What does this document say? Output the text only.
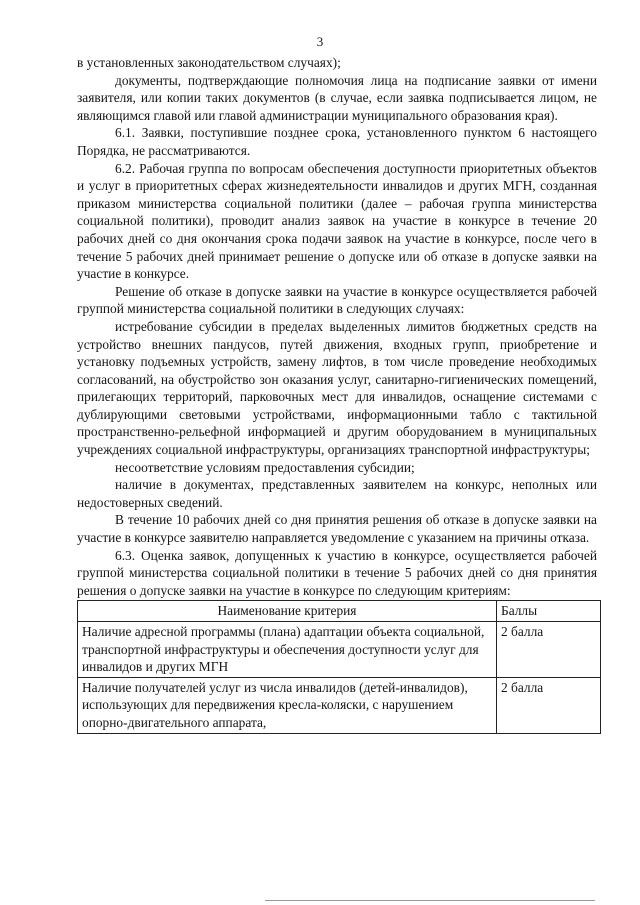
3

в установленных законодательством случаях);

документы, подтверждающие полномочия лица на подписание заявки от имени заявителя, или копии таких документов (в случае, если заявка подписывается лицом, не являющимся главой или главой администрации муниципального образования края).

6.1. Заявки, поступившие позднее срока, установленного пунктом 6 настоящего Порядка, не рассматриваются.

6.2. Рабочая группа по вопросам обеспечения доступности приоритетных объектов и услуг в приоритетных сферах жизнедеятельности инвалидов и других МГН, созданная приказом министерства социальной политики (далее – рабочая группа министерства социальной политики), проводит анализ заявок на участие в конкурсе в течение 20 рабочих дней со дня окончания срока подачи заявок на участие в конкурсе, после чего в течение 5 рабочих дней принимает решение о допуске или об отказе в допуске заявки на участие в конкурсе.

Решение об отказе в допуске заявки на участие в конкурсе осуществляется рабочей группой министерства социальной политики в следующих случаях:

истребование субсидии в пределах выделенных лимитов бюджетных средств на устройство внешних пандусов, путей движения, входных групп, приобретение и установку подъемных устройств, замену лифтов, в том числе проведение необходимых согласований, на обустройство зон оказания услуг, санитарно-гигиенических помещений, прилегающих территорий, парковочных мест для инвалидов, оснащение системами с дублирующими световыми устройствами, информационными табло с тактильной пространственно-рельефной информацией и другим оборудованием в муниципальных учреждениях социальной инфраструктуры, организациях транспортной инфраструктуры;

несоответствие условиям предоставления субсидии;

наличие в документах, представленных заявителем на конкурс, неполных или недостоверных сведений.

В течение 10 рабочих дней со дня принятия решения об отказе в допуске заявки на участие в конкурсе заявителю направляется уведомление с указанием на причины отказа.

6.3. Оценка заявок, допущенных к участию в конкурсе, осуществляется рабочей группой министерства социальной политики в течение 5 рабочих дней со дня принятия решения о допуске заявки на участие в конкурсе по следующим критериям:

Наименование критерия	Баллы
Наличие адресной программы (плана) адаптации объекта социальной, транспортной инфраструктуры и обеспечения доступности услуг для инвалидов и других МГН	2 балла
Наличие получателей услуг из числа инвалидов (детей-инвалидов), использующих для передвижения кресла-коляски, с нарушением опорно-двигательного аппарата,	2 балла
